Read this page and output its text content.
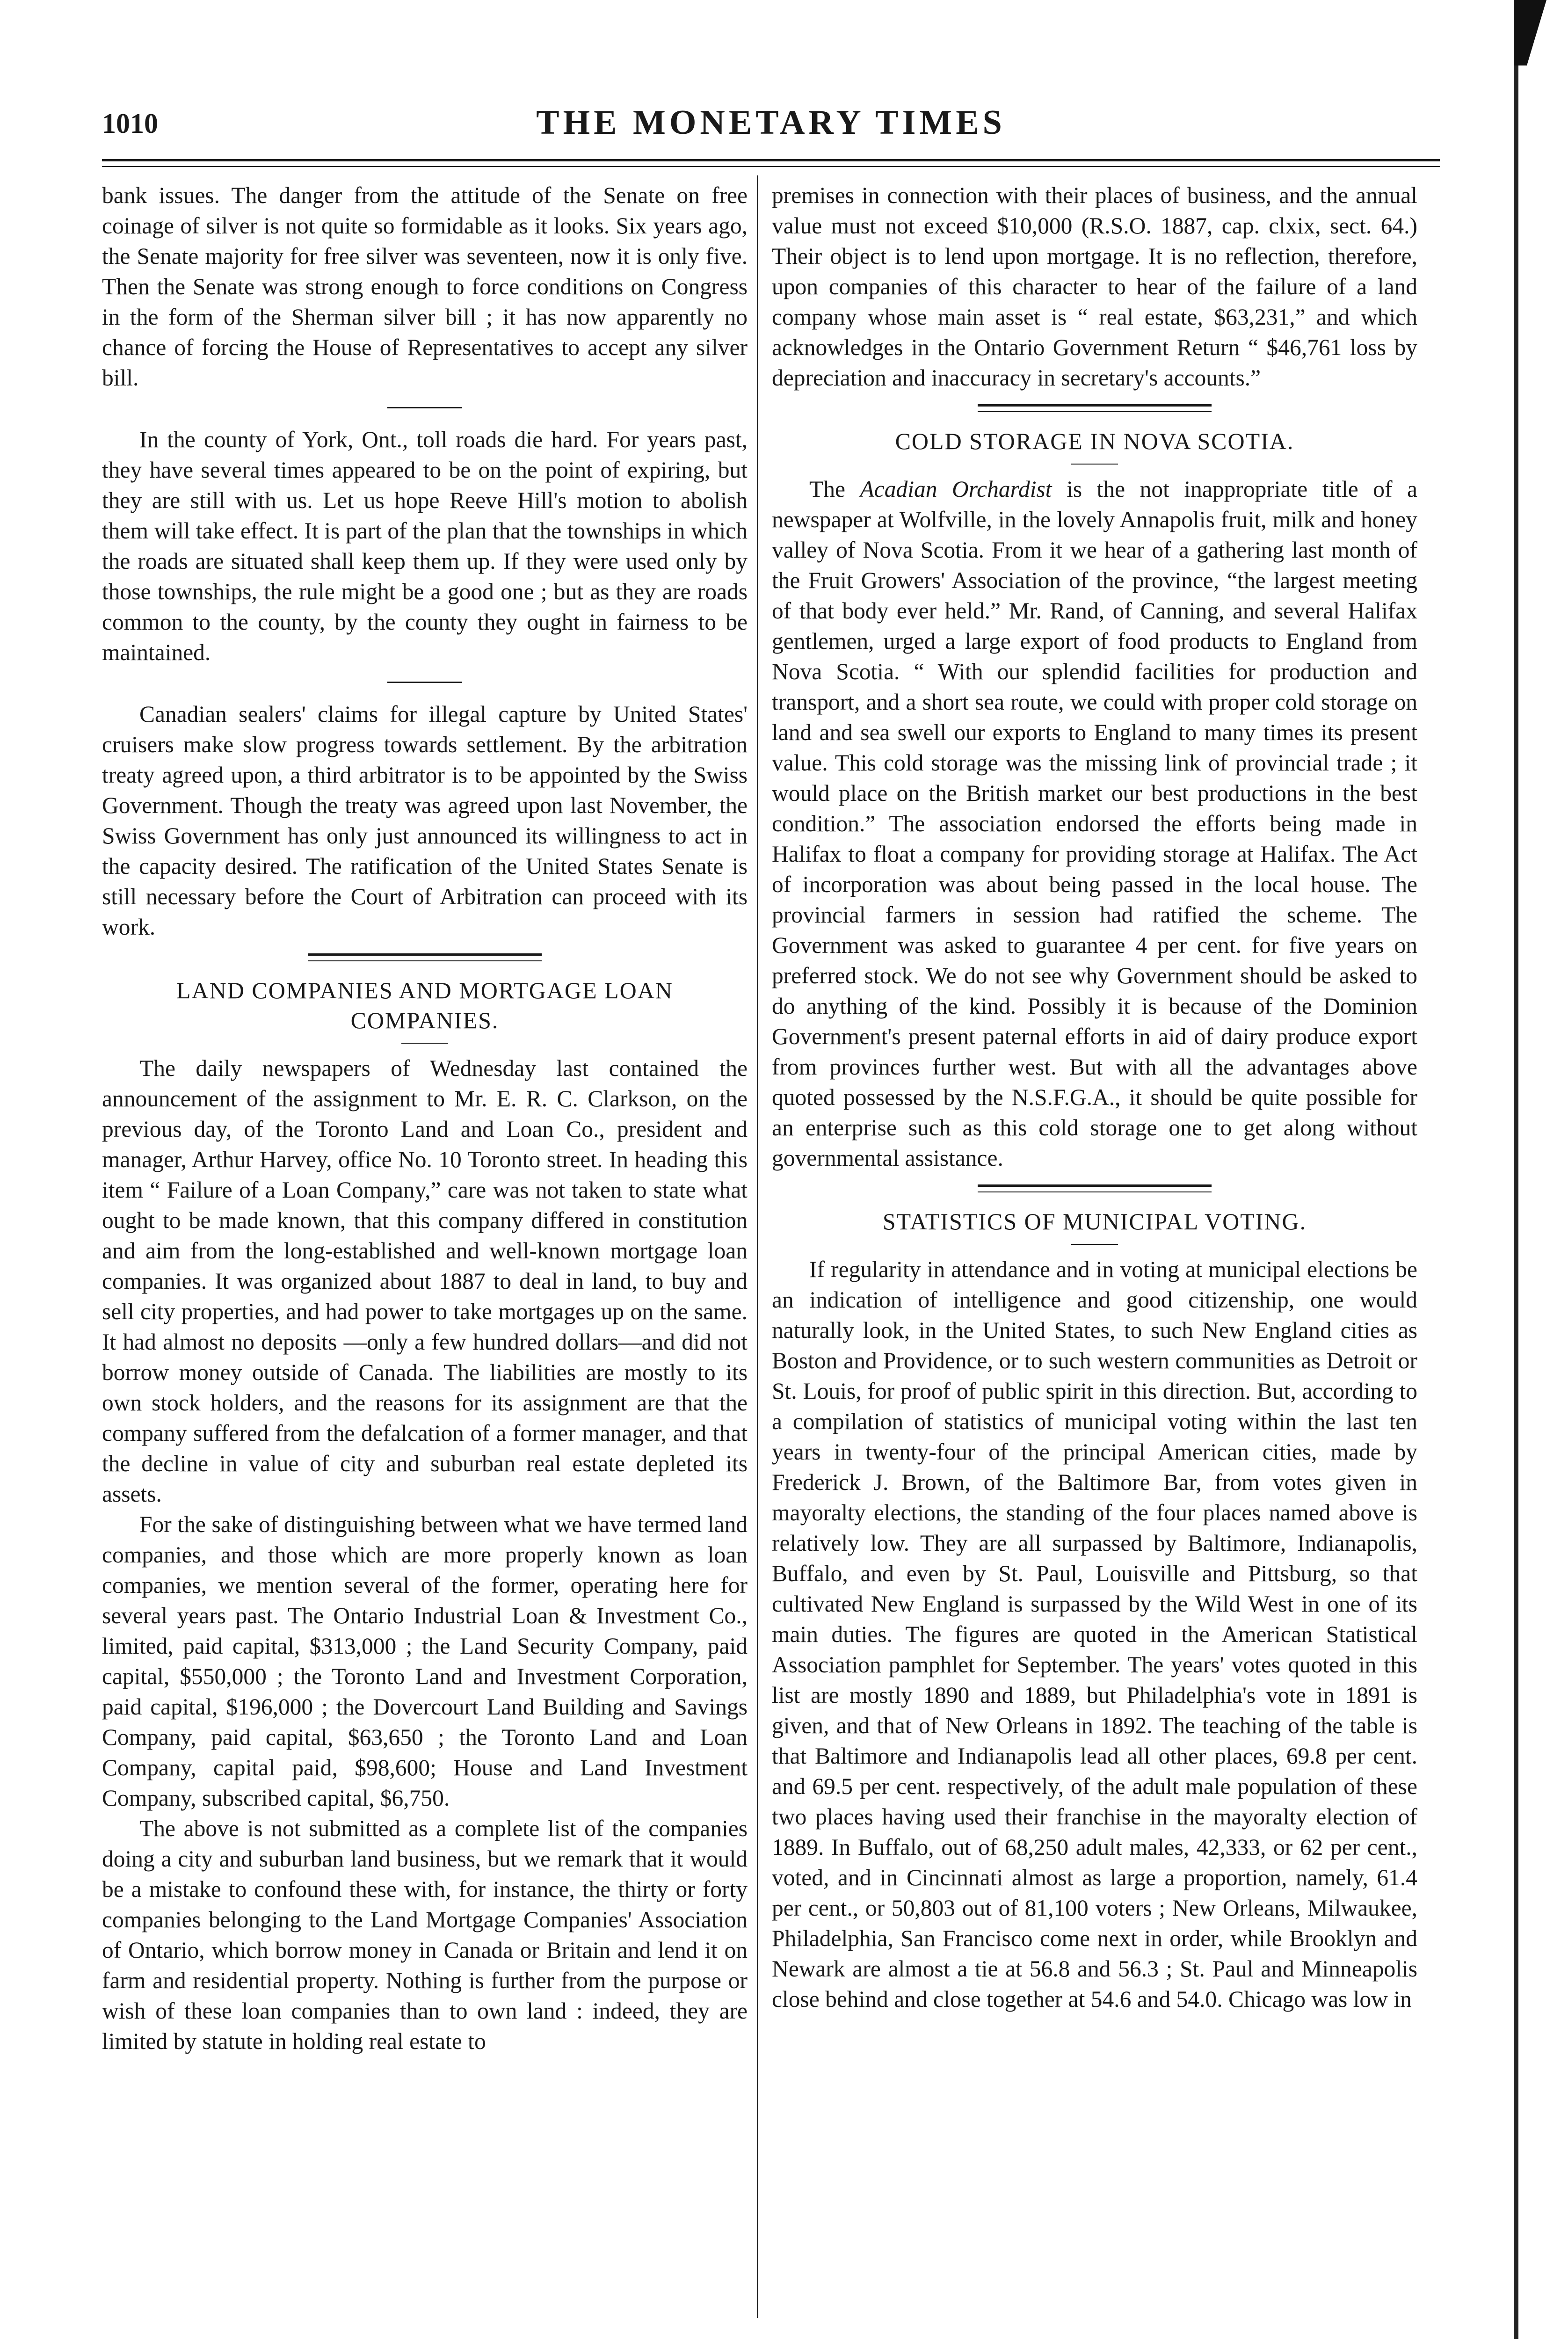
1010	THE MONETARY TIMES

bank issues. The danger from the attitude of the Senate on free coinage of silver is not quite so formidable as it looks. Six years ago, the Senate majority for free silver was seventeen, now it is only five. Then the Senate was strong enough to force conditions on Congress in the form of the Sherman silver bill ; it has now apparently no chance of forcing the House of Representatives to accept any silver bill.

In the county of York, Ont., toll roads die hard. For years past, they have several times appeared to be on the point of expiring, but they are still with us. Let us hope Reeve Hill's motion to abolish them will take effect. It is part of the plan that the townships in which the roads are situated shall keep them up. If they were used only by those townships, the rule might be a good one ; but as they are roads common to the county, by the county they ought in fairness to be maintained.

Canadian sealers' claims for illegal capture by United States' cruisers make slow progress towards settlement. By the arbitration treaty agreed upon, a third arbitrator is to be appointed by the Swiss Government. Though the treaty was agreed upon last November, the Swiss Government has only just announced its willingness to act in the capacity desired. The ratification of the United States Senate is still necessary before the Court of Arbitration can proceed with its work.

LAND COMPANIES AND MORTGAGE LOAN COMPANIES.

The daily newspapers of Wednesday last contained the announcement of the assignment to Mr. E. R. C. Clarkson, on the previous day, of the Toronto Land and Loan Co., president and manager, Arthur Harvey, office No. 10 Toronto street. In heading this item “ Failure of a Loan Company,” care was not taken to state what ought to be made known, that this company differed in constitution and aim from the long-established and well-known mortgage loan companies. It was organized about 1887 to deal in land, to buy and sell city properties, and had power to take mortgages up on the same. It had almost no deposits —only a few hundred dollars—and did not borrow money outside of Canada. The liabilities are mostly to its own stock holders, and the reasons for its assignment are that the company suffered from the defalcation of a former manager, and that the decline in value of city and suburban real estate depleted its assets.

For the sake of distinguishing between what we have termed land companies, and those which are more properly known as loan companies, we mention several of the former, operating here for several years past. The Ontario Industrial Loan & Investment Co., limited, paid capital, $313,000 ; the Land Security Company, paid capital, $550,000 ; the Toronto Land and Investment Corporation, paid capital, $196,000 ; the Dovercourt Land Building and Savings Company, paid capital, $63,650 ; the Toronto Land and Loan Company, capital paid, $98,600; House and Land Investment Company, subscribed capital, $6,750.

The above is not submitted as a complete list of the companies doing a city and suburban land business, but we remark that it would be a mistake to confound these with, for instance, the thirty or forty companies belonging to the Land Mortgage Companies' Association of Ontario, which borrow money in Canada or Britain and lend it on farm and residential property. Nothing is further from the purpose or wish of these loan companies than to own land : indeed, they are limited by statute in holding real estate to

premises in connection with their places of business, and the annual value must not exceed $10,000 (R.S.O. 1887, cap. clxix, sect. 64.) Their object is to lend upon mortgage. It is no reflection, therefore, upon companies of this character to hear of the failure of a land company whose main asset is “ real estate, $63,231,” and which acknowledges in the Ontario Government Return “ $46,761 loss by depreciation and inaccuracy in secretary's accounts.”

COLD STORAGE IN NOVA SCOTIA.

The Acadian Orchardist is the not inappropriate title of a newspaper at Wolfville, in the lovely Annapolis fruit, milk and honey valley of Nova Scotia. From it we hear of a gathering last month of the Fruit Growers' Association of the province, “the largest meeting of that body ever held.” Mr. Rand, of Canning, and several Halifax gentlemen, urged a large export of food products to England from Nova Scotia. “ With our splendid facilities for production and transport, and a short sea route, we could with proper cold storage on land and sea swell our exports to England to many times its present value. This cold storage was the missing link of provincial trade ; it would place on the British market our best productions in the best condition.” The association endorsed the efforts being made in Halifax to float a company for providing storage at Halifax. The Act of incorporation was about being passed in the local house. The provincial farmers in session had ratified the scheme. The Government was asked to guarantee 4 per cent. for five years on preferred stock. We do not see why Government should be asked to do anything of the kind. Possibly it is because of the Dominion Government's present paternal efforts in aid of dairy produce export from provinces further west. But with all the advantages above quoted possessed by the N.S.F.G.A., it should be quite possible for an enterprise such as this cold storage one to get along without governmental assistance.

STATISTICS OF MUNICIPAL VOTING.

If regularity in attendance and in voting at municipal elections be an indication of intelligence and good citizenship, one would naturally look, in the United States, to such New England cities as Boston and Providence, or to such western communities as Detroit or St. Louis, for proof of public spirit in this direction. But, according to a compilation of statistics of municipal voting within the last ten years in twenty-four of the principal American cities, made by Frederick J. Brown, of the Baltimore Bar, from votes given in mayoralty elections, the standing of the four places named above is relatively low. They are all surpassed by Baltimore, Indianapolis, Buffalo, and even by St. Paul, Louisville and Pittsburg, so that cultivated New England is surpassed by the Wild West in one of its main duties. The figures are quoted in the American Statistical Association pamphlet for September. The years' votes quoted in this list are mostly 1890 and 1889, but Philadelphia's vote in 1891 is given, and that of New Orleans in 1892. The teaching of the table is that Baltimore and Indianapolis lead all other places, 69.8 per cent. and 69.5 per cent. respectively, of the adult male population of these two places having used their franchise in the mayoralty election of 1889. In Buffalo, out of 68,250 adult males, 42,333, or 62 per cent., voted, and in Cincinnati almost as large a proportion, namely, 61.4 per cent., or 50,803 out of 81,100 voters ; New Orleans, Milwaukee, Philadelphia, San Francisco come next in order, while Brooklyn and Newark are almost a tie at 56.8 and 56.3 ; St. Paul and Minneapolis close behind and close together at 54.6 and 54.0. Chicago was low in
